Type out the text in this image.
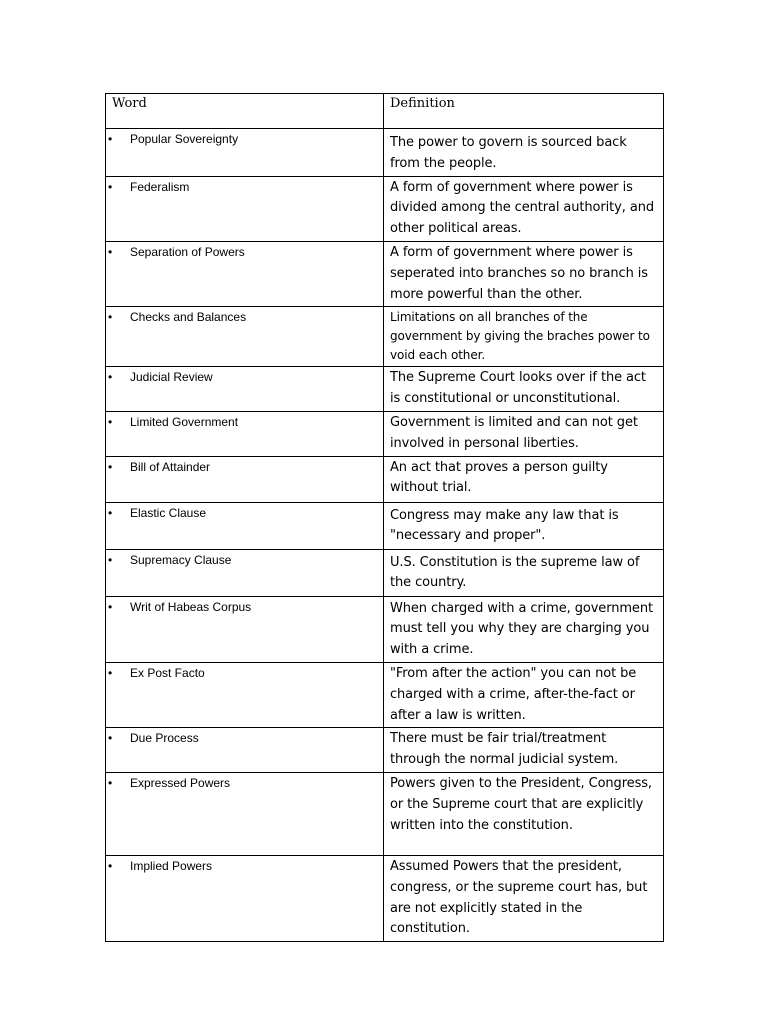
Word	Definition

• Popular Sovereignty	The power to govern is sourced back from the people.

• Federalism	A form of government where power is divided among the central authority, and other political areas.

• Separation of Powers	A form of government where power is seperated into branches so no branch is more powerful than the other.

• Checks and Balances	Limitations on all branches of the government by giving the braches power to void each other.

• Judicial Review	The Supreme Court looks over if the act is constitutional or unconstitutional.

• Limited Government	Government is limited and can not get involved in personal liberties.

• Bill of Attainder	An act that proves a person guilty without trial.

• Elastic Clause	Congress may make any law that is "necessary and proper".

• Supremacy Clause	U.S. Constitution is the supreme law of the country.

• Writ of Habeas Corpus	When charged with a crime, government must tell you why they are charging you with a crime.

• Ex Post Facto	"From after the action" you can not be charged with a crime, after-the-fact or after a law is written.

• Due Process	There must be fair trial/treatment through the normal judicial system.

• Expressed Powers	Powers given to the President, Congress, or the Supreme court that are explicitly written into the constitution.

• Implied Powers	Assumed Powers that the president, congress, or the supreme court has, but are not explicitly stated in the constitution.
